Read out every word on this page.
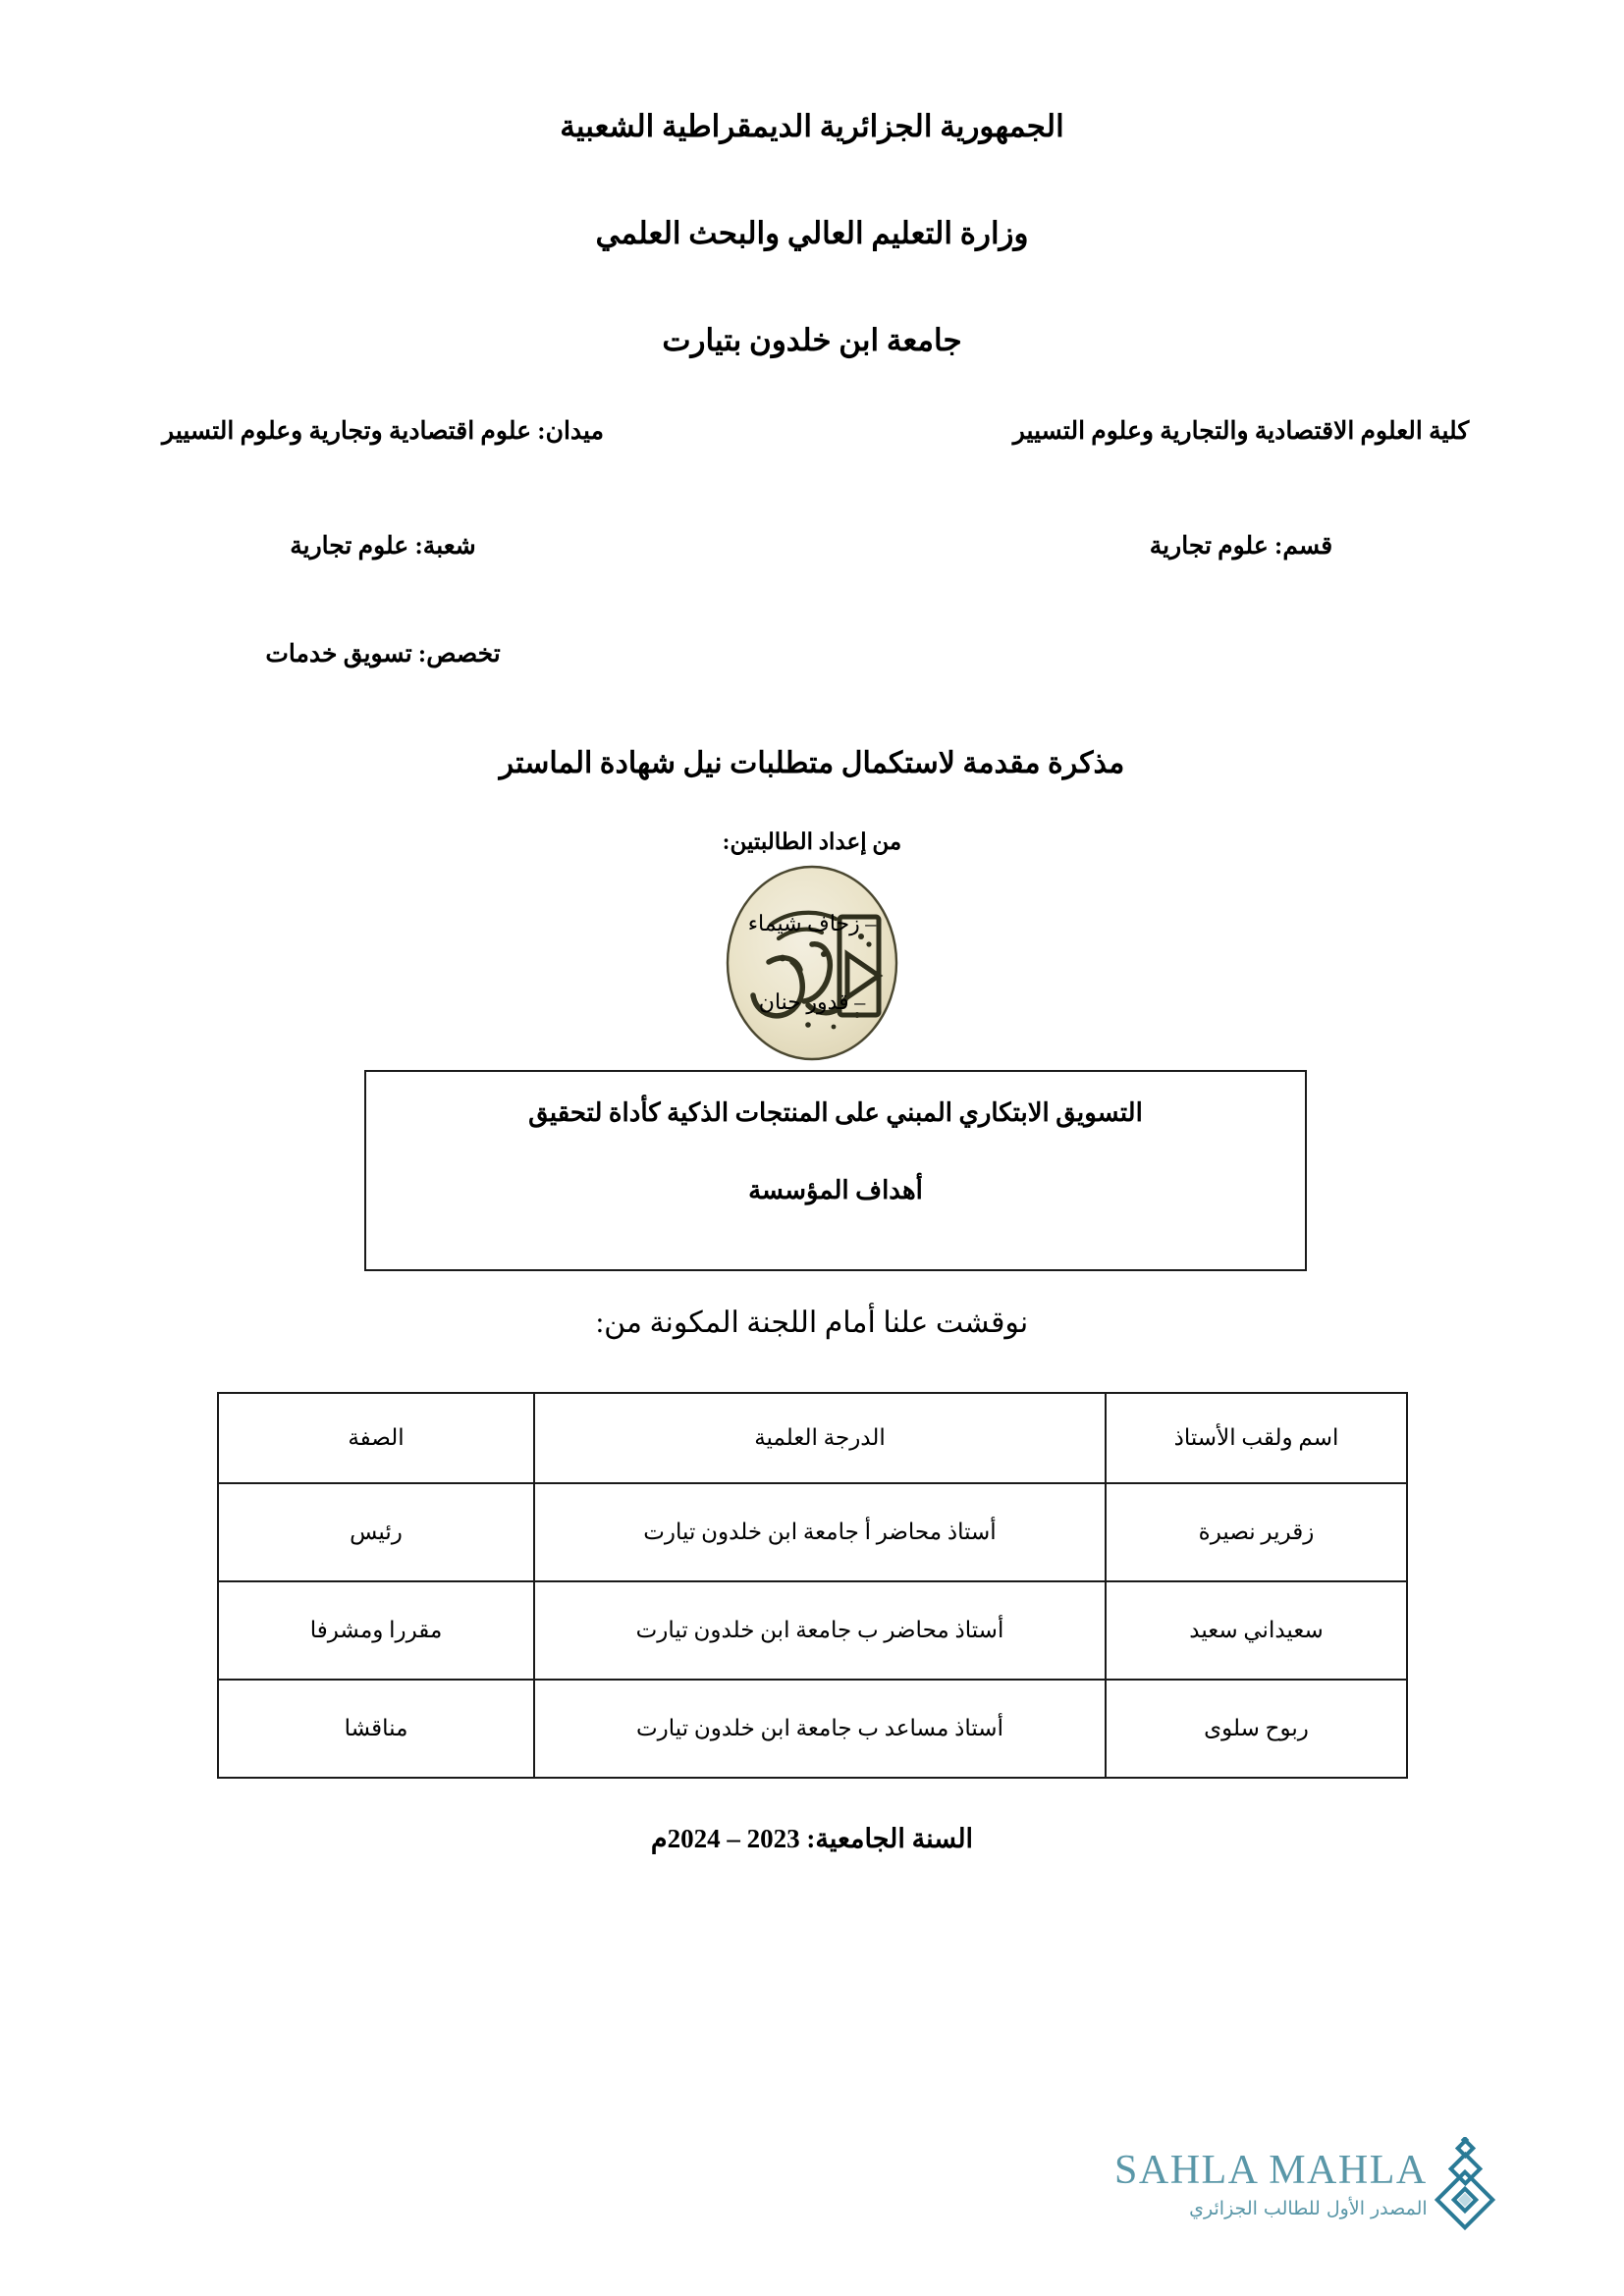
الجمهورية الجزائرية الديمقراطية الشعبية
وزارة التعليم العالي والبحث العلمي
جامعة ابن خلدون بتيارت
كلية العلوم الاقتصادية والتجارية وعلوم التسيير
قسم: علوم تجارية
ميدان: علوم اقتصادية وتجارية وعلوم التسيير
شعبة: علوم تجارية
تخصص: تسويق خدمات
مذكرة مقدمة لاستكمال متطلبات نيل شهادة الماستر
من إعداد الطالبتين:
– زحاف شيماء
– قدور حنان
التسويق الابتكاري المبني على المنتجات الذكية كأداة لتحقيق
أهداف المؤسسة
نوقشت علنا أمام اللجنة المكونة من:
اسم ولقب الأستاذ	الدرجة العلمية	الصفة
زقرير نصيرة	أستاذ محاضر أ جامعة ابن خلدون تيارت	رئيس
سعيداني سعيد	أستاذ محاضر ب جامعة ابن خلدون تيارت	مقررا ومشرفا
ربوح سلوى	أستاذ مساعد ب جامعة ابن خلدون تيارت	مناقشا
السنة الجامعية: 2023 – 2024م
SAHLA MAHLA
المصدر الأول للطالب الجزائري
